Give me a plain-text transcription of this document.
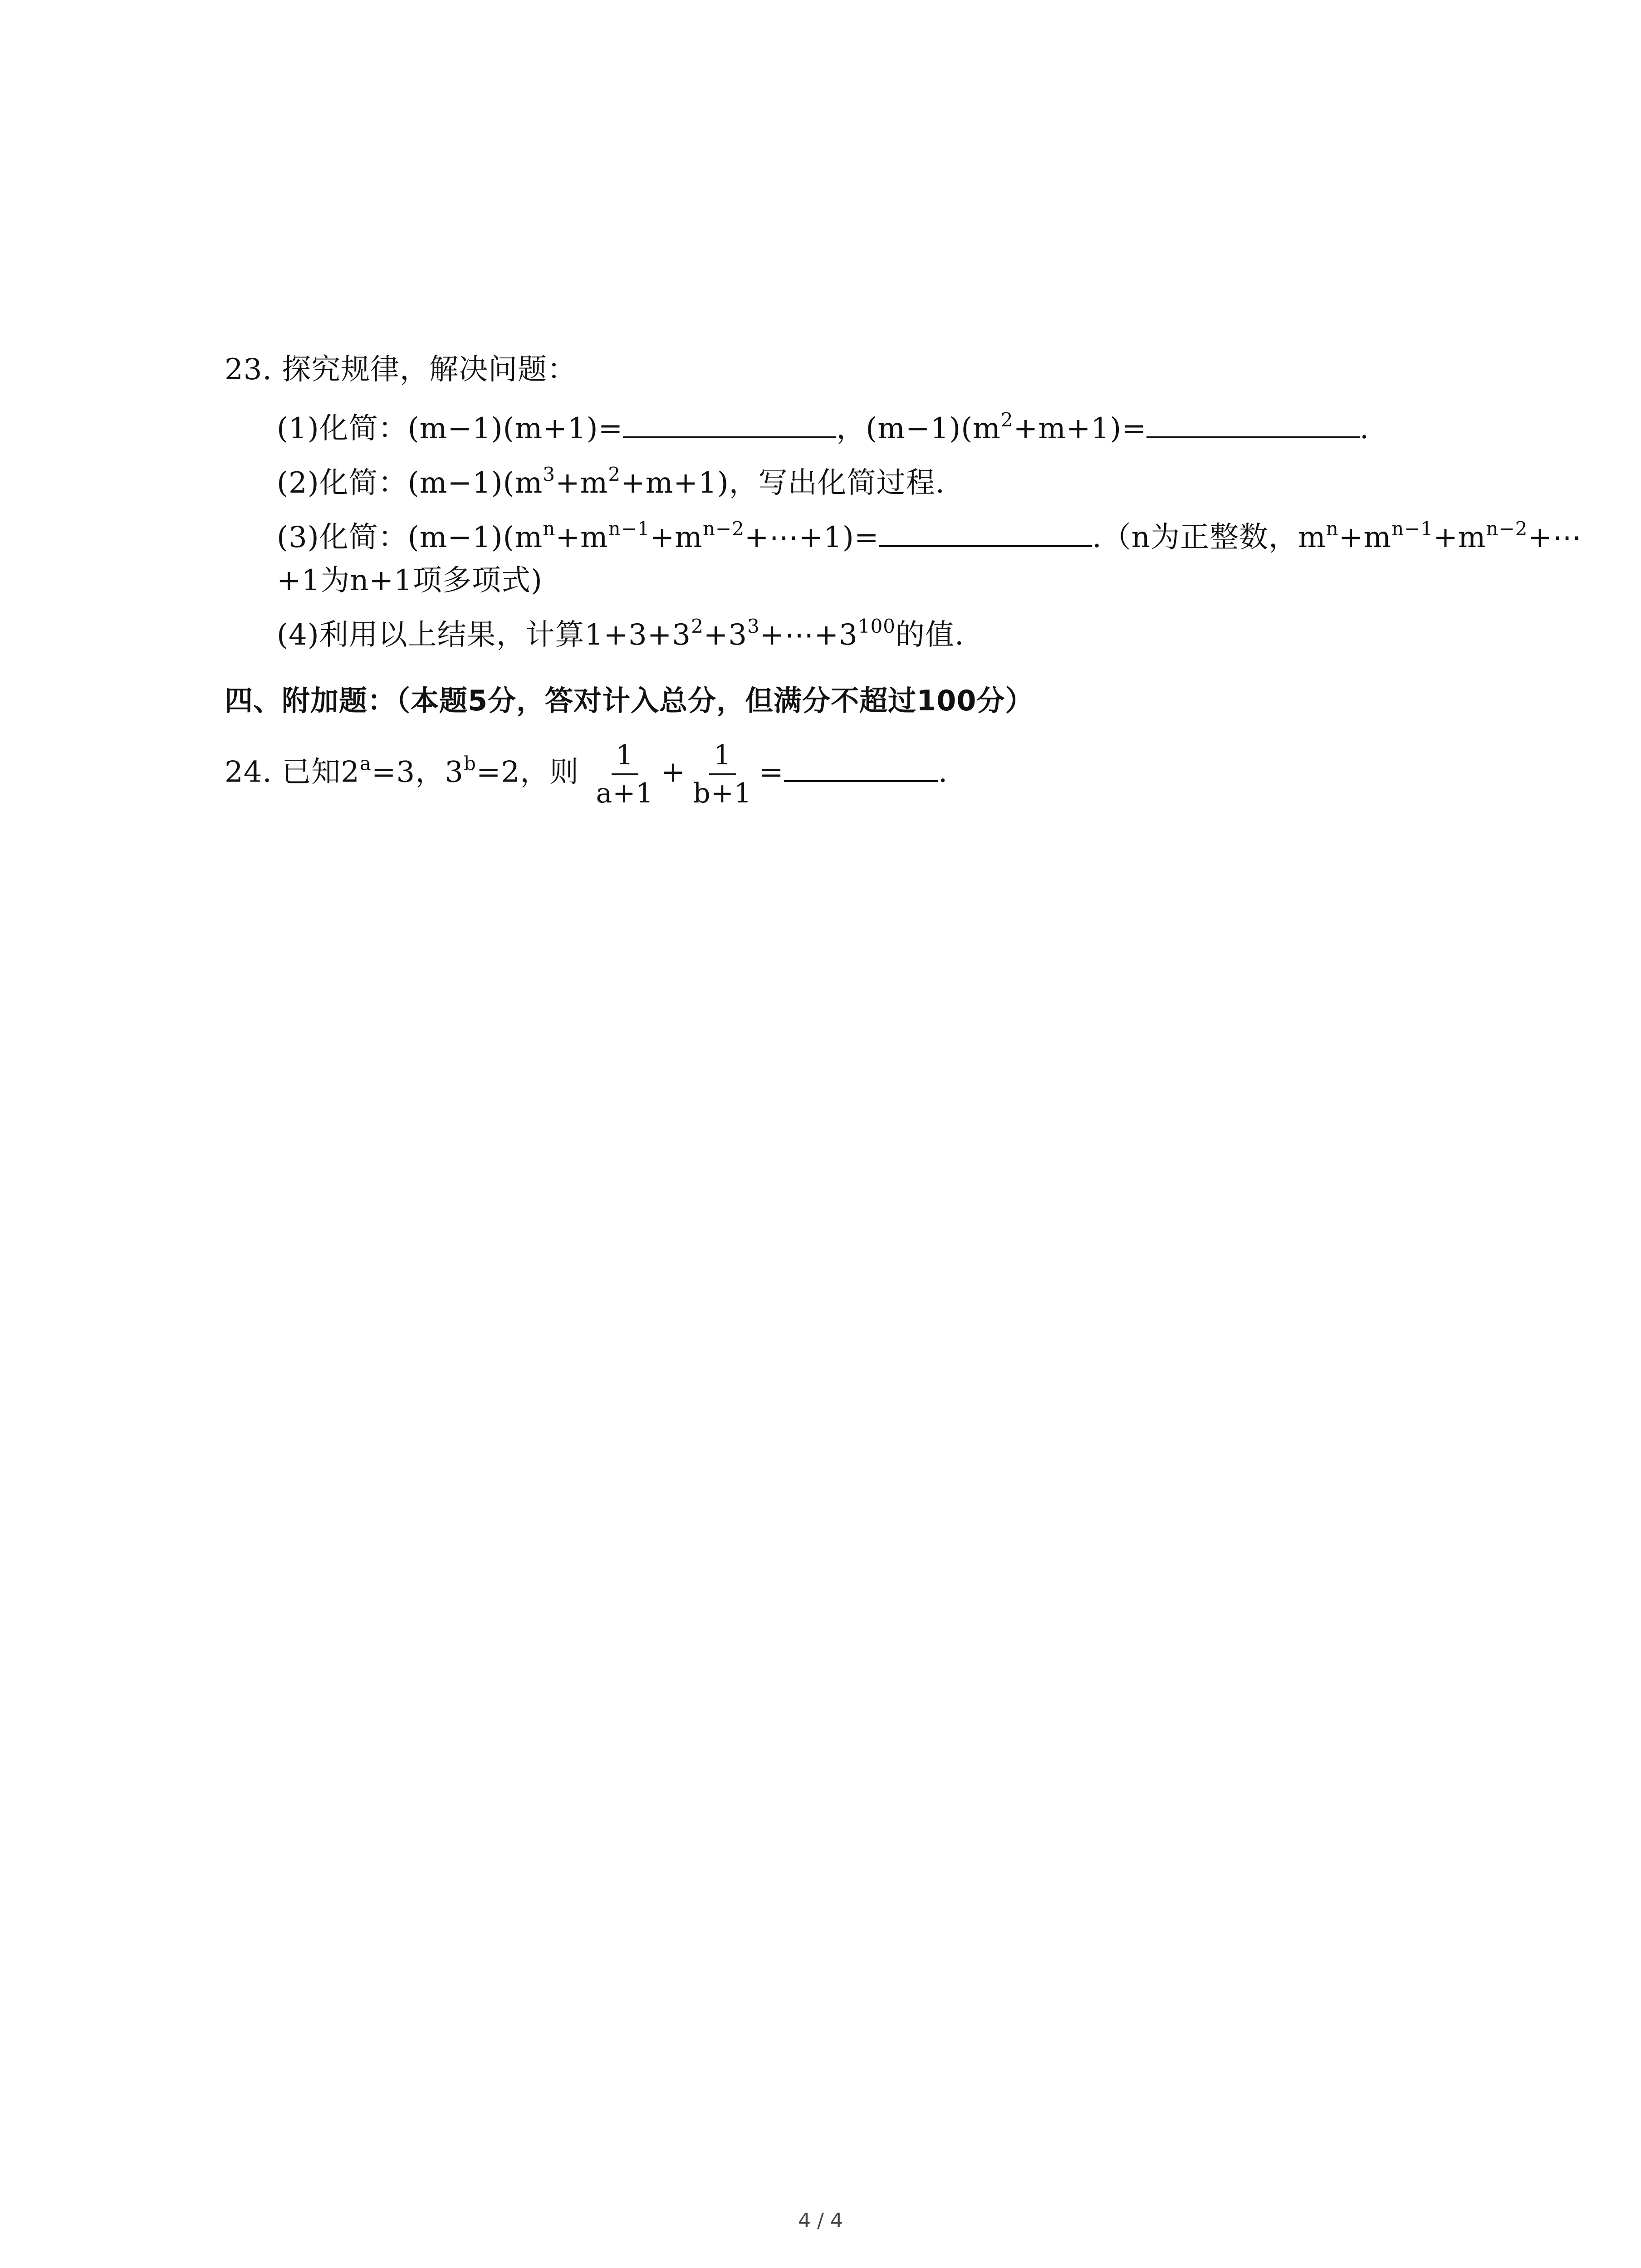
23. 探究规律，解决问题：
(1)化简：(m−1)(m+1)=	，$(m-1)(m^2+m+1)=$	.
(2)化简：$(m-1)(m^3+m^2+m+1)$，写出化简过程.
(3)化简：$(m-1)(m^n+m^{n-1}+m^{n-2}+\cdots+1)=$	.（n为正整数，$m^n+m^{n-1}+m^{n-2}+\cdots$
+1为n+1项多项式)
(4)利用以上结果，计算$1+3+3^2+3^3+\cdots+3^{100}$的值.
四、附加题：（本题5分，答对计入总分，但满分不超过100分）
24. 已知$2^a=3$，$3^b=2$，则 $\frac{1}{a+1} + \frac{1}{b+1}$ =	.
4 / 4
